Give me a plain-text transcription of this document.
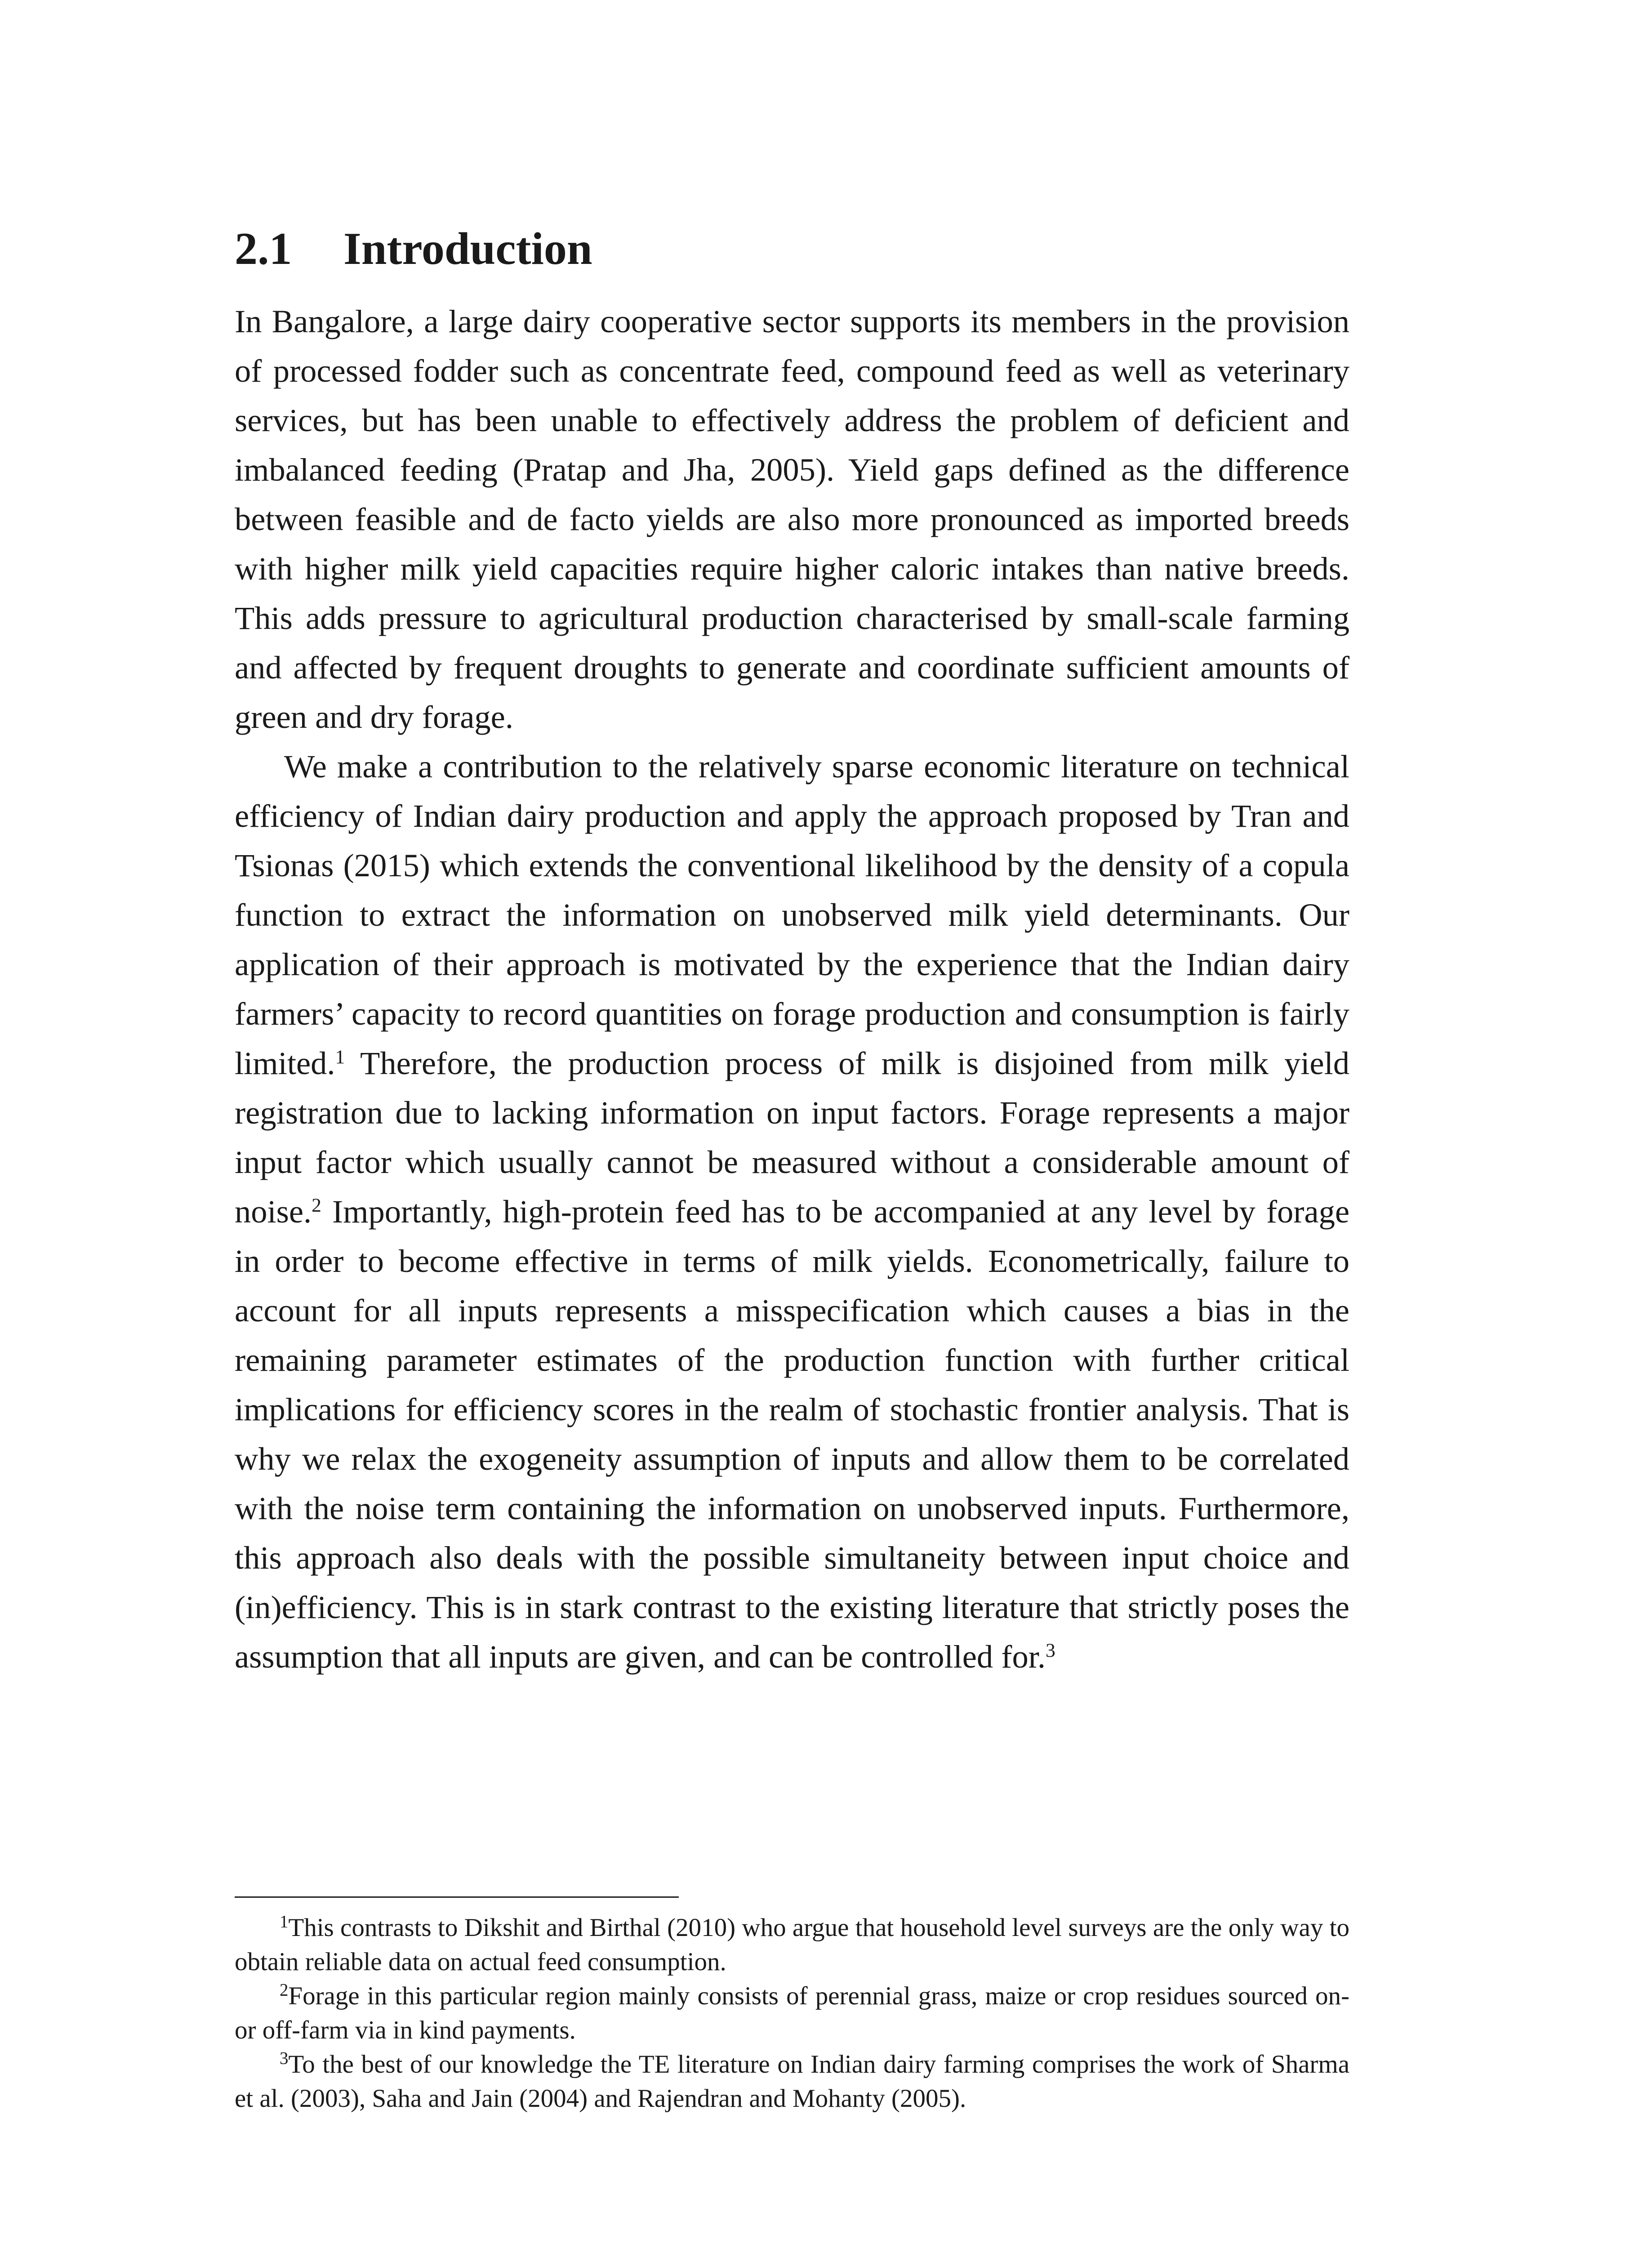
2.1 Introduction

In Bangalore, a large dairy cooperative sector supports its members in the provision of processed fodder such as concentrate feed, compound feed as well as veterinary services, but has been unable to effectively address the problem of deficient and imbalanced feeding (Pratap and Jha, 2005). Yield gaps defined as the difference between feasible and de facto yields are also more pronounced as imported breeds with higher milk yield capacities require higher caloric intakes than native breeds. This adds pressure to agricultural production characterised by small-scale farming and affected by frequent droughts to generate and coordinate sufficient amounts of green and dry forage.

We make a contribution to the relatively sparse economic literature on technical efficiency of Indian dairy production and apply the approach proposed by Tran and Tsionas (2015) which extends the conventional likelihood by the density of a copula function to extract the information on unobserved milk yield determinants. Our application of their approach is motivated by the experience that the Indian dairy farmers’ capacity to record quantities on forage production and consumption is fairly limited.$^1$ Therefore, the production process of milk is disjoined from milk yield registration due to lacking information on input factors. Forage represents a major input factor which usually cannot be measured without a considerable amount of noise.$^2$ Importantly, high-protein feed has to be accompanied at any level by forage in order to become effective in terms of milk yields. Econometrically, failure to account for all inputs represents a misspecification which causes a bias in the remaining parameter estimates of the production function with further critical implications for efficiency scores in the realm of stochastic frontier analysis. That is why we relax the exogeneity assumption of inputs and allow them to be correlated with the noise term containing the information on unobserved inputs. Furthermore, this approach also deals with the possible simultaneity between input choice and (in)efficiency. This is in stark contrast to the existing literature that strictly poses the assumption that all inputs are given, and can be controlled for.$^3$

$^1$This contrasts to Dikshit and Birthal (2010) who argue that household level surveys are the only way to obtain reliable data on actual feed consumption.

$^2$Forage in this particular region mainly consists of perennial grass, maize or crop residues sourced on- or off-farm via in kind payments.

$^3$To the best of our knowledge the TE literature on Indian dairy farming comprises the work of Sharma et al. (2003), Saha and Jain (2004) and Rajendran and Mohanty (2005).
